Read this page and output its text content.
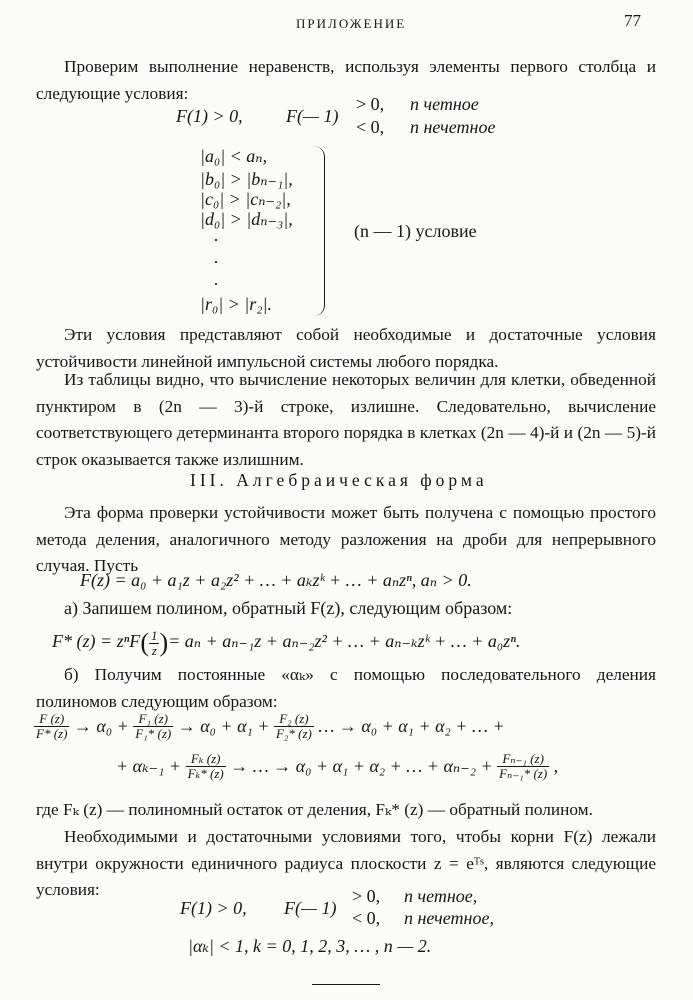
ПРИЛОЖЕНИЕ	77
Проверим выполнение неравенств, используя элементы первого столбца и следующие условия:
F(1) > 0, F(— 1)
> 0, n четное
< 0, n нечетное
|a₀| < aₙ,
|b₀| > |bₙ₋₁|,
|c₀| > |cₙ₋₂|,
|d₀| > |dₙ₋₃|,
·
·
·
|r₀| > |r₂|.
(n — 1) условие
Эти условия представляют собой необходимые и достаточные условия устойчивости линейной импульсной системы любого порядка.
Из таблицы видно, что вычисление некоторых величин для клетки, обведенной пунктиром в (2n — 3)-й строке, излишне. Следовательно, вычисление соответствующего детерминанта второго порядка в клетках (2n — 4)-й и (2n — 5)-й строк оказывается также излишним.
III. Алгебраическая форма
Эта форма проверки устойчивости может быть получена с помощью простого метода деления, аналогичного методу разложения на дроби для непрерывного случая. Пусть
F(z) = a₀ + a₁z + a₂z² + … + aₖzᵏ + … + aₙzⁿ, aₙ > 0.
а) Запишем полином, обратный F(z), следующим образом:
F* $(z) = z^nF( \frac{1}{z}$ )= aₙ + aₙ₋₁z + aₙ₋₂z² + … + aₙ₋ₖzᵏ + … + a₀zⁿ.
б) Получим постоянные «αₖ» с помощью последовательного деления полиномов следующим образом:
$\frac{F (z)}{F* (z)} \to \alpha_0 + \frac{\text{F₁ (z)}}{\text{F₁* (z)}} \to \alpha_0 + \alpha_1 + \frac{\text{F₂ (z)}}{\text{F₂* (z)}}$ … → α₀ + α₁ + α₂ + … +
+ $\alpha_{k-1} + \frac{\text{Fₖ (z)}}{\text{Fₖ* (z)}}$ → … → α₀ + α₁ + α₂ + … + $\alpha_{n-2} + \frac{\text{Fₙ₋₁ (z)}}{\text{Fₙ₋₁* (z)}}$ ,
где Fₖ (z) — полиномный остаток от деления, Fₖ* (z) — обратный полином.
Необходимыми и достаточными условиями того, чтобы корни F(z) лежали внутри окружности единичного радиуса плоскости z = eᵀˢ, являются следующие условия:
F(1) > 0, F(— 1)
> 0, n четное,
< 0, n нечетное,
|αₖ| < 1, k = 0, 1, 2, 3, … , n — 2.
